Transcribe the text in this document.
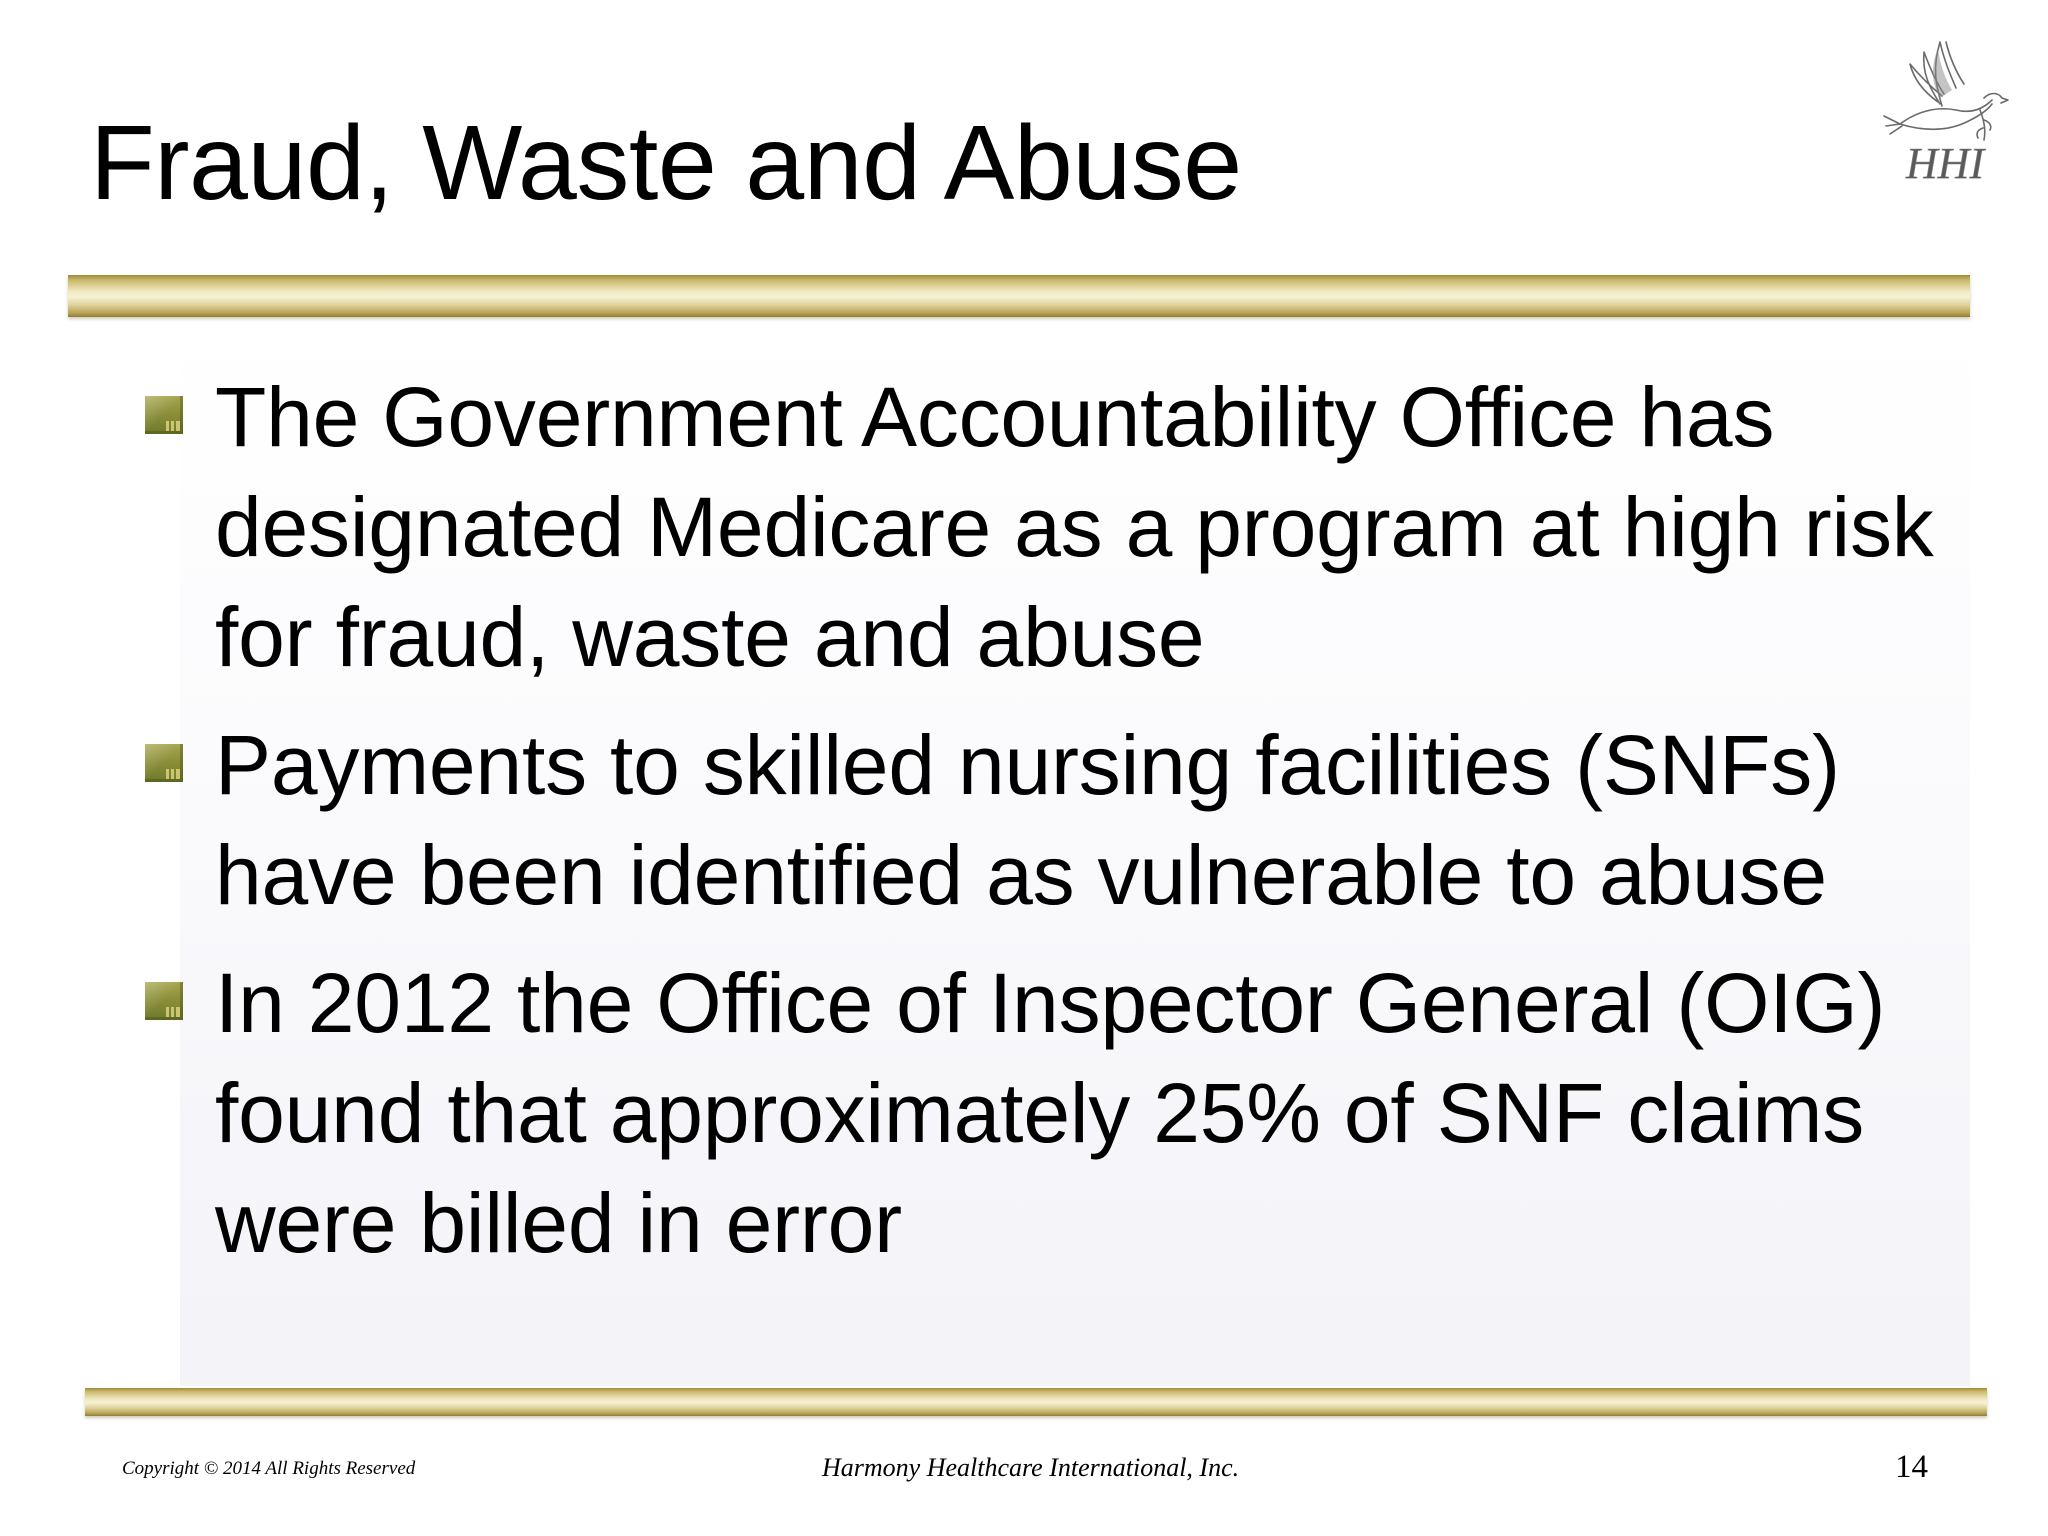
Fraud, Waste and Abuse	HHI
The Government Accountability Office has designated Medicare as a program at high risk for fraud, waste and abuse
Payments to skilled nursing facilities (SNFs) have been identified as vulnerable to abuse
In 2012 the Office of Inspector General (OIG) found that approximately 25% of SNF claims were billed in error
Copyright © 2014 All Rights Reserved	Harmony Healthcare International, Inc.	14
